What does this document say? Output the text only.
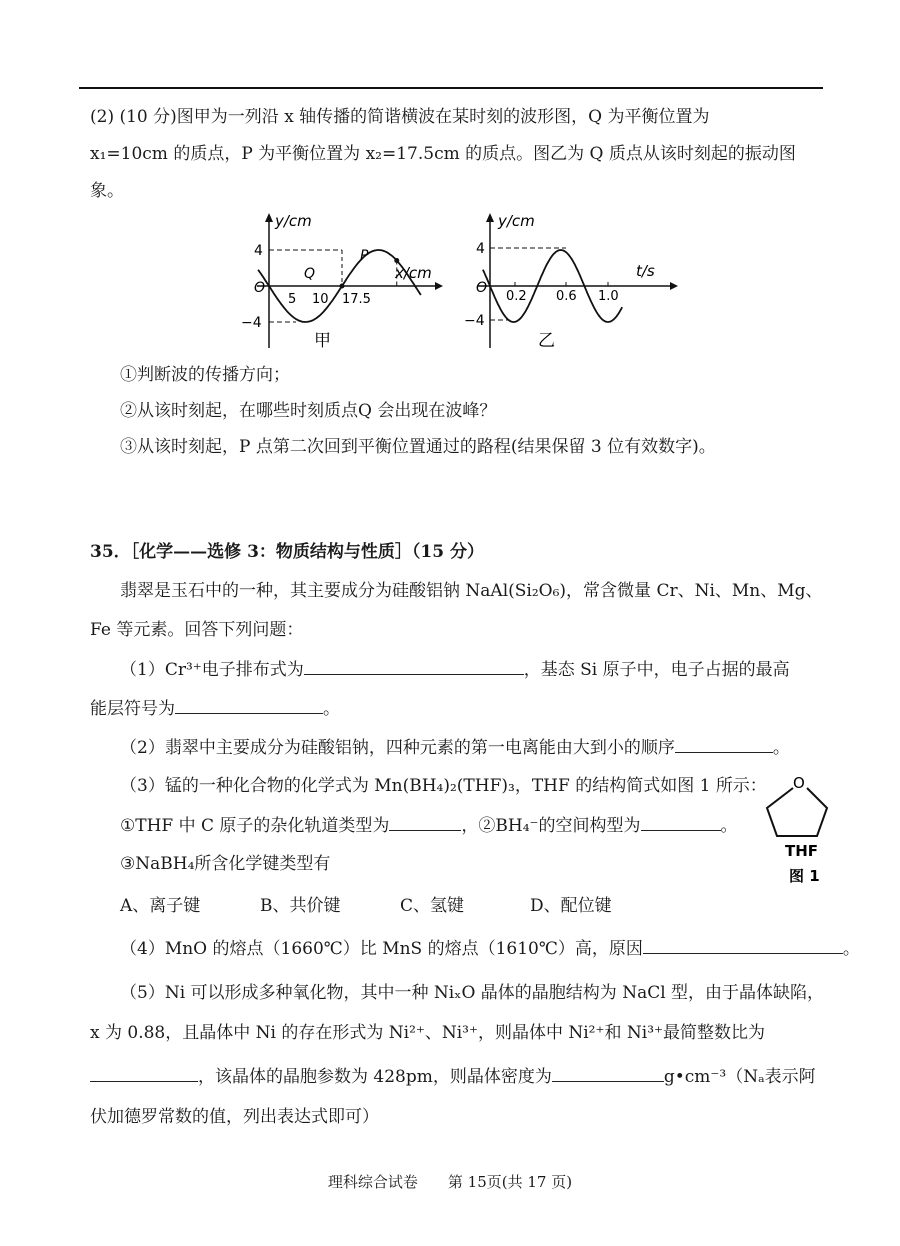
(2) (10 分)图甲为一列沿 x 轴传播的简谐横波在某时刻的波形图，Q 为平衡位置为
x₁=10cm 的质点，P 为平衡位置为 x₂=17.5cm 的质点。图乙为 Q 质点从该时刻起的振动图
象。
y/cm
x/cm
4
−4
O
Q
P
5 10 17.5
甲
y/cm
t/s
4
−4
O
0.2 0.6 1.0
乙
①判断波的传播方向；
②从该时刻起，在哪些时刻质点Q 会出现在波峰？
③从该时刻起，P 点第二次回到平衡位置通过的路程(结果保留 3 位有效数字)。
35．［化学——选修 3：物质结构与性质］（15 分）
翡翠是玉石中的一种，其主要成分为硅酸铝钠 NaAl(Si₂O₆)，常含微量 Cr、Ni、Mn、Mg、
Fe 等元素。回答下列问题：
（1）Cr³⁺电子排布式为	，基态 Si 原子中，电子占据的最高
能层符号为	。
（2）翡翠中主要成分为硅酸铝钠，四种元素的第一电离能由大到小的顺序	。
（3）锰的一种化合物的化学式为 Mn(BH₄)₂(THF)₃，THF 的结构简式如图 1 所示：
①THF 中 C 原子的杂化轨道类型为	，②BH₄⁻的空间构型为	。
③NaBH₄所含化学键类型有
A、离子键	B、共价键	C、氢键	D、配位键
O
THF
图 1
（4）MnO 的熔点（1660℃）比 MnS 的熔点（1610℃）高，原因	。
（5）Ni 可以形成多种氧化物，其中一种 NiₓO 晶体的晶胞结构为 NaCl 型，由于晶体缺陷，
x 为 0.88，且晶体中 Ni 的存在形式为 Ni²⁺、Ni³⁺，则晶体中 Ni²⁺和 Ni³⁺最简整数比为
，该晶体的晶胞参数为 428pm，则晶体密度为	g•cm⁻³（Nₐ表示阿
伏加德罗常数的值，列出表达式即可）
理科综合试卷　　第 15页(共 17 页)
